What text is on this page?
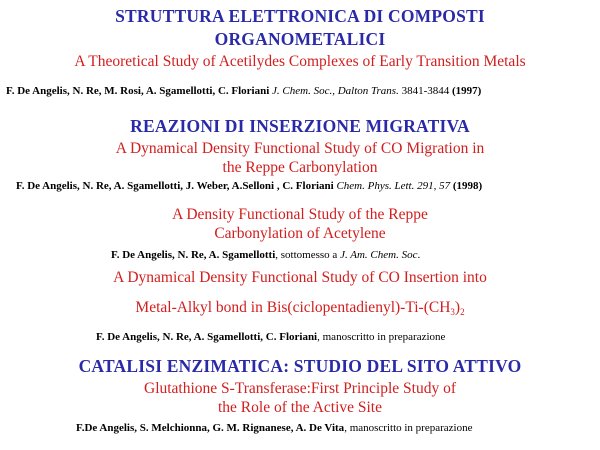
STRUTTURA ELETTRONICA DI COMPOSTI
ORGANOMETALICI
A Theoretical Study of Acetilydes Complexes of Early Transition Metals
F. De Angelis, N. Re, M. Rosi, A. Sgamellotti, C. Floriani J. Chem. Soc., Dalton Trans. 3841-3844 (1997)
REAZIONI DI INSERZIONE MIGRATIVA
A Dynamical Density Functional Study of CO Migration in
the Reppe Carbonylation
F. De Angelis, N. Re, A. Sgamellotti, J. Weber, A.Selloni , C. Floriani Chem. Phys. Lett. 291, 57 (1998)
A Density Functional Study of the Reppe
Carbonylation of Acetylene
F. De Angelis, N. Re, A. Sgamellotti, sottomesso a J. Am. Chem. Soc.
A Dynamical Density Functional Study of CO Insertion into
Metal-Alkyl bond in $Bis(ciclopentadienyl)-Ti-(CH_3)_2$
F. De Angelis, N. Re, A. Sgamellotti, C. Floriani, manoscritto in preparazione
CATALISI ENZIMATICA: STUDIO DEL SITO ATTIVO
Glutathione S-Transferase:First Principle Study of
the Role of the Active Site
F.De Angelis, S. Melchionna, G. M. Rignanese, A. De Vita, manoscritto in preparazione
